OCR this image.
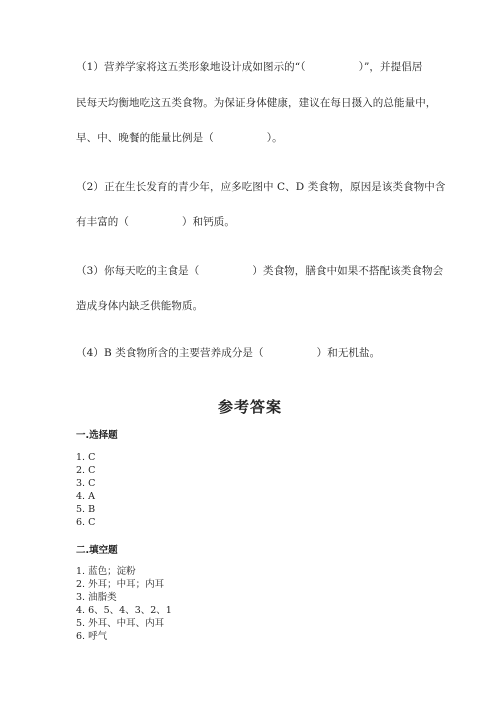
（1）营养学家将这五类形象地设计成如图示的“（　　　　　）”，并提倡居
民每天均衡地吃这五类食物。为保证身体健康，建议在每日摄入的总能量中，
早、中、晚餐的能量比例是（　　　　　）。
（2）正在生长发育的青少年，应多吃图中 C、D 类食物，原因是该类食物中含
有丰富的（　　　　　）和钙质。
（3）你每天吃的主食是（　　　　　）类食物，膳食中如果不搭配该类食物会
造成身体内缺乏供能物质。
（4）B 类食物所含的主要营养成分是（　　　　　）和无机盐。
参考答案
一.选择题
1. C
2. C
3. C
4. A
5. B
6. C
二.填空题
1. 蓝色；淀粉
2. 外耳；中耳；内耳
3. 油脂类
4. 6、5、4、3、2、1
5. 外耳、中耳、内耳
6. 呼气
